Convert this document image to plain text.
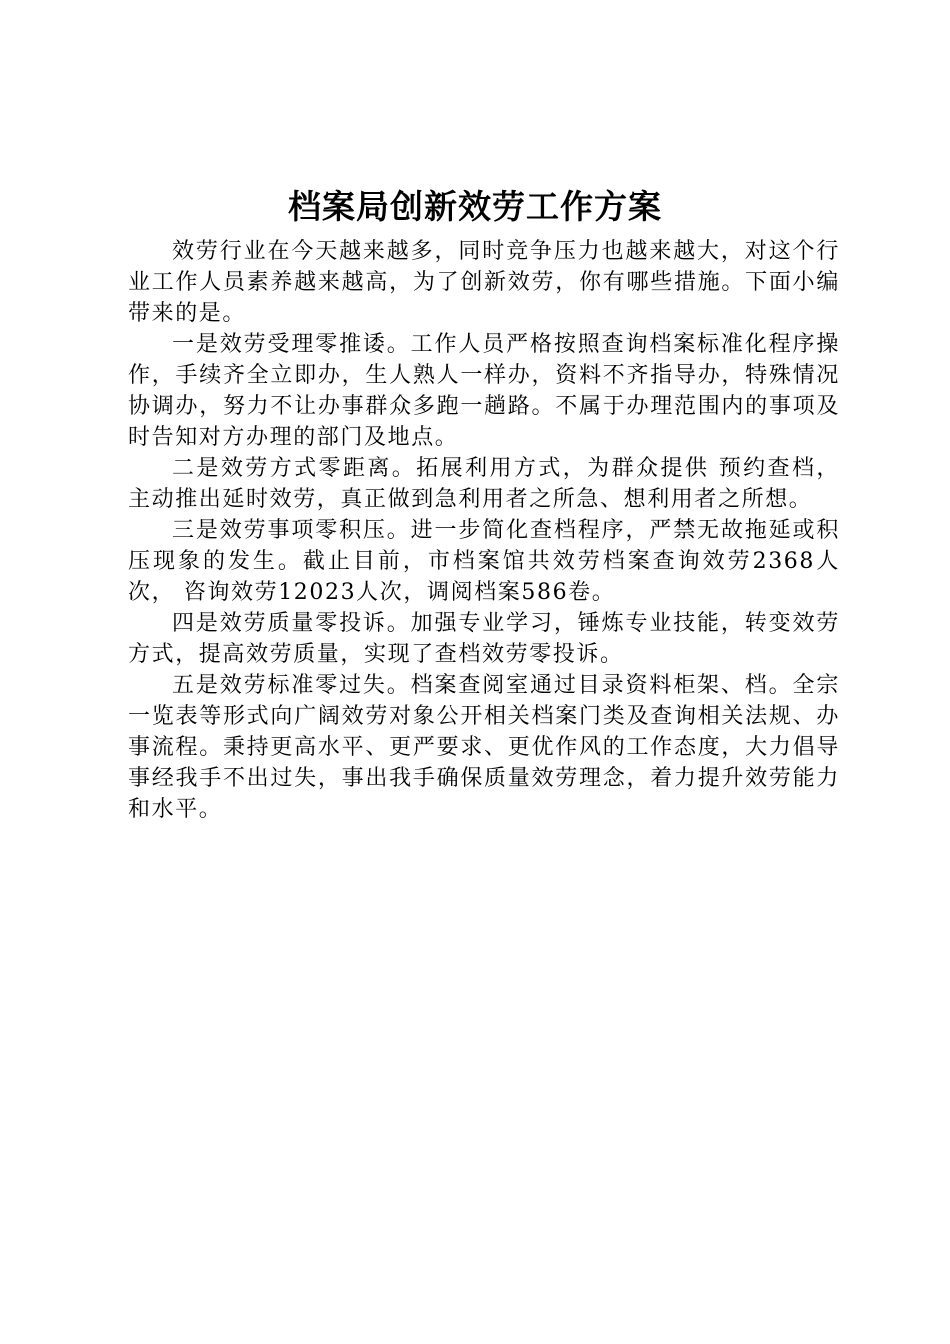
档案局创新效劳工作方案

效劳行业在今天越来越多，同时竞争压力也越来越大，对这个行业工作人员素养越来越高，为了创新效劳，你有哪些措施。下面小编带来的是。

一是效劳受理零推诿。工作人员严格按照查询档案标准化程序操作，手续齐全立即办，生人熟人一样办，资料不齐指导办，特殊情况协调办，努力不让办事群众多跑一趟路。不属于办理范围内的事项及时告知对方办理的部门及地点。

二是效劳方式零距离。拓展利用方式，为群众提供 预约查档，主动推出延时效劳，真正做到急利用者之所急、想利用者之所想。

三是效劳事项零积压。进一步简化查档程序，严禁无故拖延或积压现象的发生。截止目前，市档案馆共效劳档案查询效劳2368人次， 咨询效劳12023人次，调阅档案586卷。

四是效劳质量零投诉。加强专业学习，锤炼专业技能，转变效劳方式，提高效劳质量，实现了查档效劳零投诉。

五是效劳标准零过失。档案查阅室通过目录资料柜架、档。全宗一览表等形式向广阔效劳对象公开相关档案门类及查询相关法规、办事流程。秉持更高水平、更严要求、更优作风的工作态度，大力倡导事经我手不出过失，事出我手确保质量效劳理念，着力提升效劳能力和水平。
